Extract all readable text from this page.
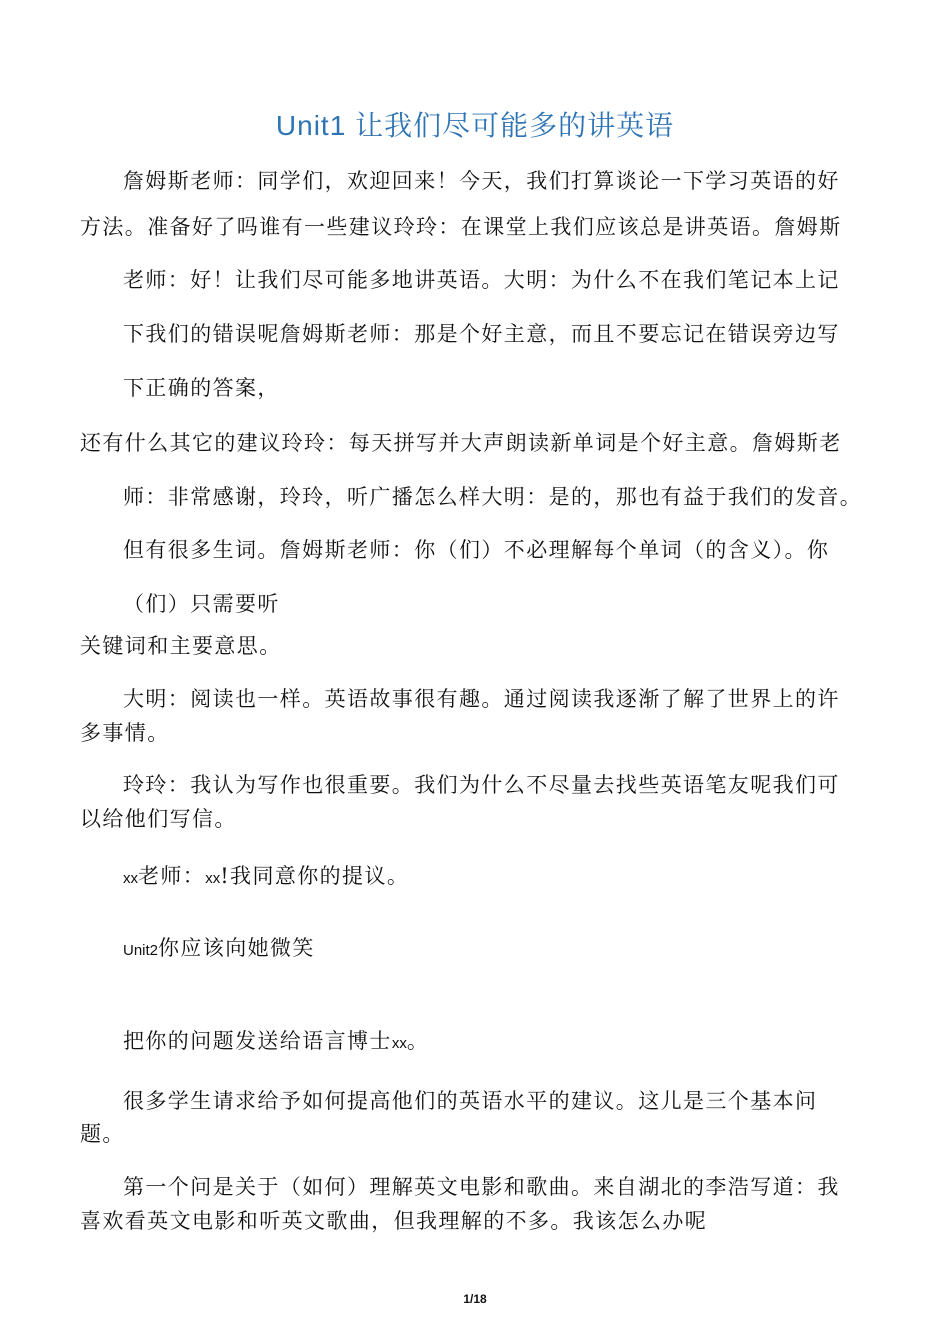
Unit1 让我们尽可能多的讲英语
詹姆斯老师：同学们，欢迎回来！今天，我们打算谈论一下学习英语的好
方法。准备好了吗谁有一些建议玲玲：在课堂上我们应该总是讲英语。詹姆斯
老师：好！让我们尽可能多地讲英语。大明：为什么不在我们笔记本上记
下我们的错误呢詹姆斯老师：那是个好主意，而且不要忘记在错误旁边写
下正确的答案，
还有什么其它的建议玲玲：每天拼写并大声朗读新单词是个好主意。詹姆斯老
师：非常感谢，玲玲，听广播怎么样大明：是的，那也有益于我们的发音。
但有很多生词。詹姆斯老师：你（们）不必理解每个单词（的含义）。你
（们）只需要听
关键词和主要意思。
大明：阅读也一样。英语故事很有趣。通过阅读我逐渐了解了世界上的许
多事情。
玲玲：我认为写作也很重要。我们为什么不尽量去找些英语笔友呢我们可
以给他们写信。
xx老师：xx!我同意你的提议。
Unit2你应该向她微笑
把你的问题发送给语言博士xx。
很多学生请求给予如何提高他们的英语水平的建议。这儿是三个基本问
题。
第一个问是关于（如何）理解英文电影和歌曲。来自湖北的李浩写道：我
喜欢看英文电影和听英文歌曲，但我理解的不多。我该怎么办呢
1/18
